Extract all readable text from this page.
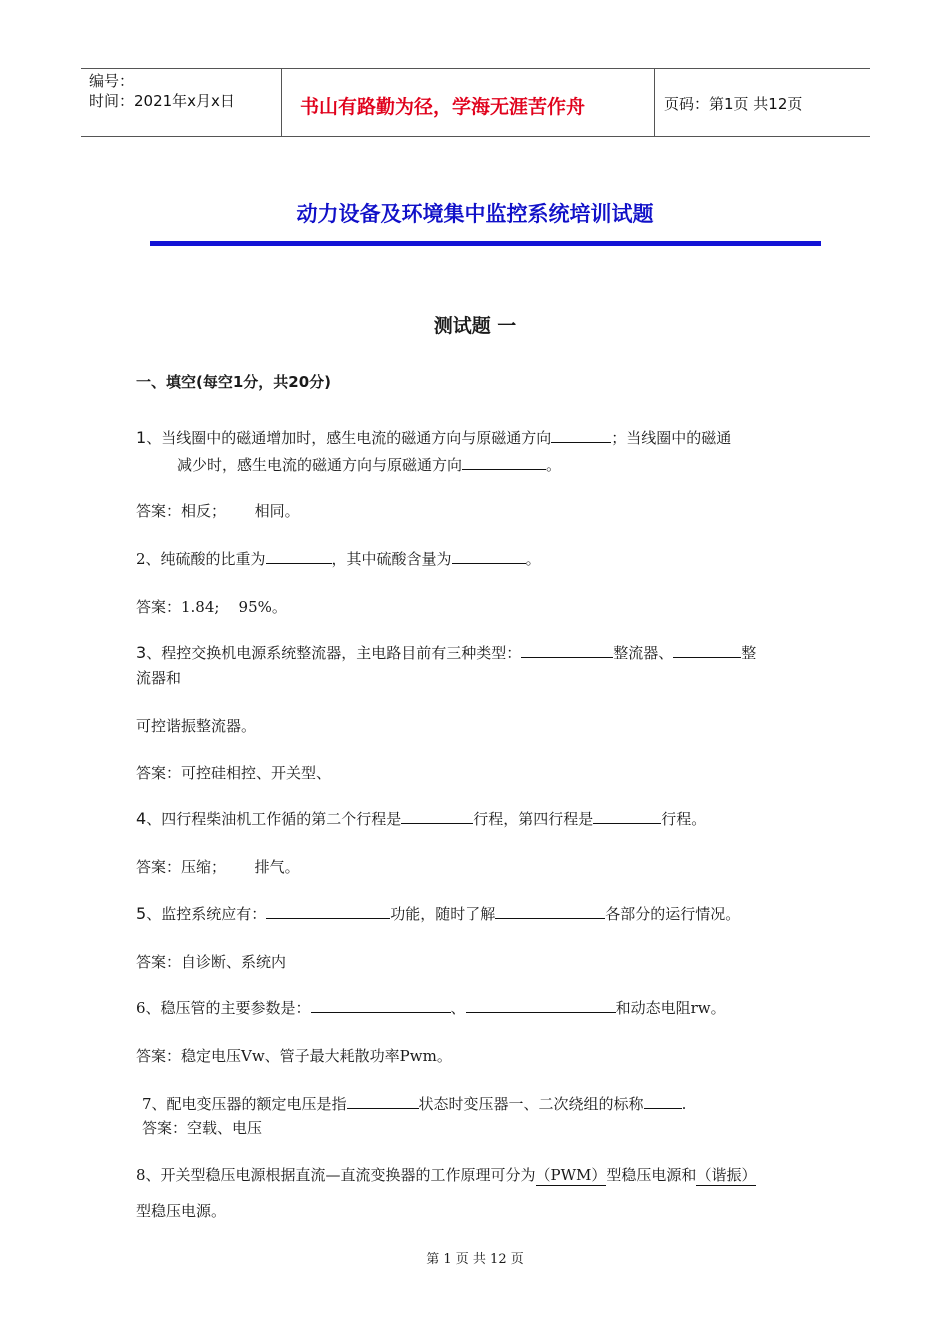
编号：
时间：2021年x月x日	书山有路勤为径，学海无涯苦作舟	页码：第1页 共12页
动力设备及环境集中监控系统培训试题
测试题 一
一、填空(每空1分，共20分)
1、当线圈中的磁通增加时，感生电流的磁通方向与原磁通方向	；当线圈中的磁通
减少时，感生电流的磁通方向与原磁通方向	。
答案：相反；      相同。
2、纯硫酸的比重为	，其中硫酸含量为	。
答案：1.84;    95%。
3、程控交换机电源系统整流器，主电路目前有三种类型：	整流器、	整
流器和
可控谐振整流器。
答案：可控硅相控、开关型、
4、四行程柴油机工作循的第二个行程是	行程，第四行程是	行程。
答案：压缩；      排气。
5、监控系统应有：	功能，随时了解	各部分的运行情况。
答案：自诊断、系统内
6、稳压管的主要参数是：	、	和动态电阻rw。
答案：稳定电压Vw、管子最大耗散功率Pwm。
7、配电变压器的额定电压是指	状态时变压器一、二次绕组的标称	.
答案：空载、电压
8、开关型稳压电源根据直流—直流变换器的工作原理可分为（PWM）型稳压电源和（谐振）
型稳压电源。
第 1 页 共 12 页
